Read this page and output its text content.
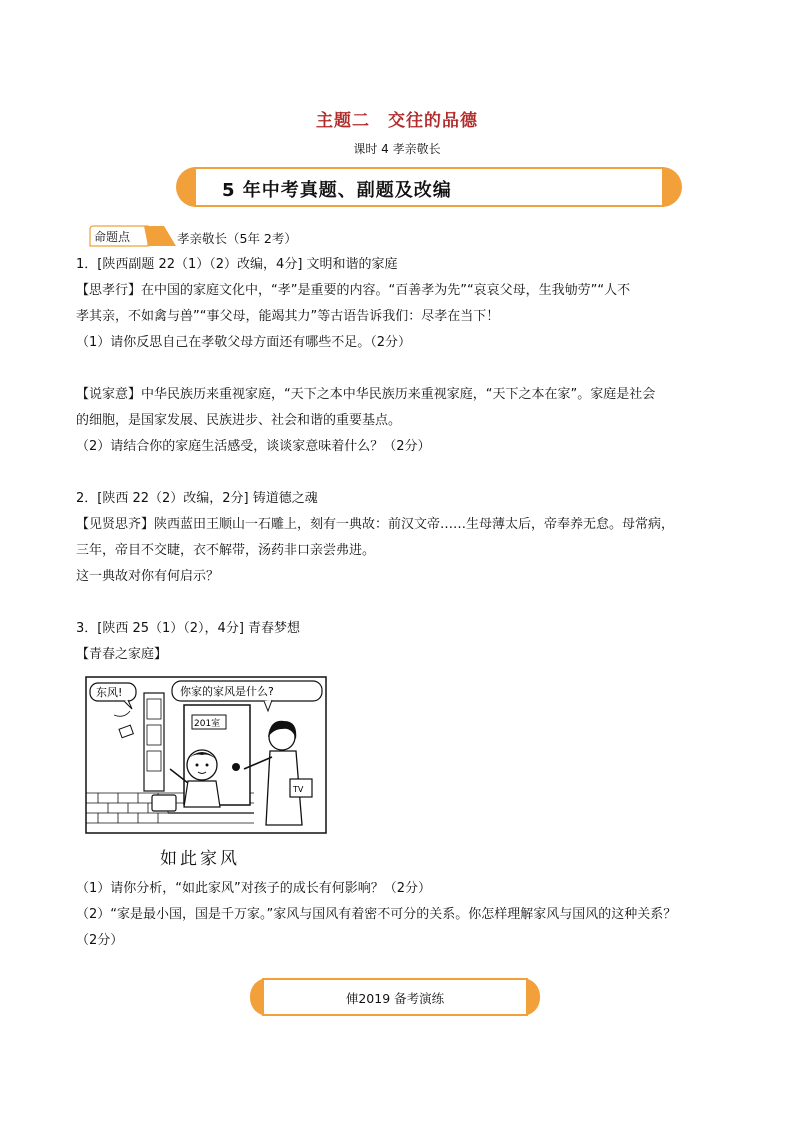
主题二　交往的品德
课时 4 孝亲敬长
5 年中考真题、副题及改编
命题点	孝亲敬长（5年 2考）
1．[陕西副题 22（1）（2）改编，4分] 文明和谐的家庭
【思孝行】在中国的家庭文化中，“孝”是重要的内容。“百善孝为先”“哀哀父母，生我劬劳”“人不
孝其亲，不如禽与兽”“事父母，能竭其力”等古语告诉我们：尽孝在当下！
（1）请你反思自己在孝敬父母方面还有哪些不足。（2分）
【说家意】中华民族历来重视家庭，“天下之本中华民族历来重视家庭，“天下之本在家”。家庭是社会
的细胞，是国家发展、民族进步、社会和谐的重要基点。
（2）请结合你的家庭生活感受，谈谈家意味着什么？（2分）
2．[陕西 22（2）改编，2分] 铸道德之魂
【见贤思齐】陕西蓝田王顺山一石雕上，刻有一典故：前汉文帝……生母薄太后，帝奉养无怠。母常病，
三年，帝目不交睫，衣不解带，汤药非口亲尝弗进。
这一典故对你有何启示？
3．[陕西 25（1）（2），4分] 青春梦想
【青春之家庭】
东风!	你家的家风是什么?
201室
TV
如此家风
（1）请你分析，“如此家风”对孩子的成长有何影响？（2分）
（2）“家是最小国，国是千万家。”家风与国风有着密不可分的关系。你怎样理解家风与国风的这种关系？
（2分）
俥2019 备考演练
